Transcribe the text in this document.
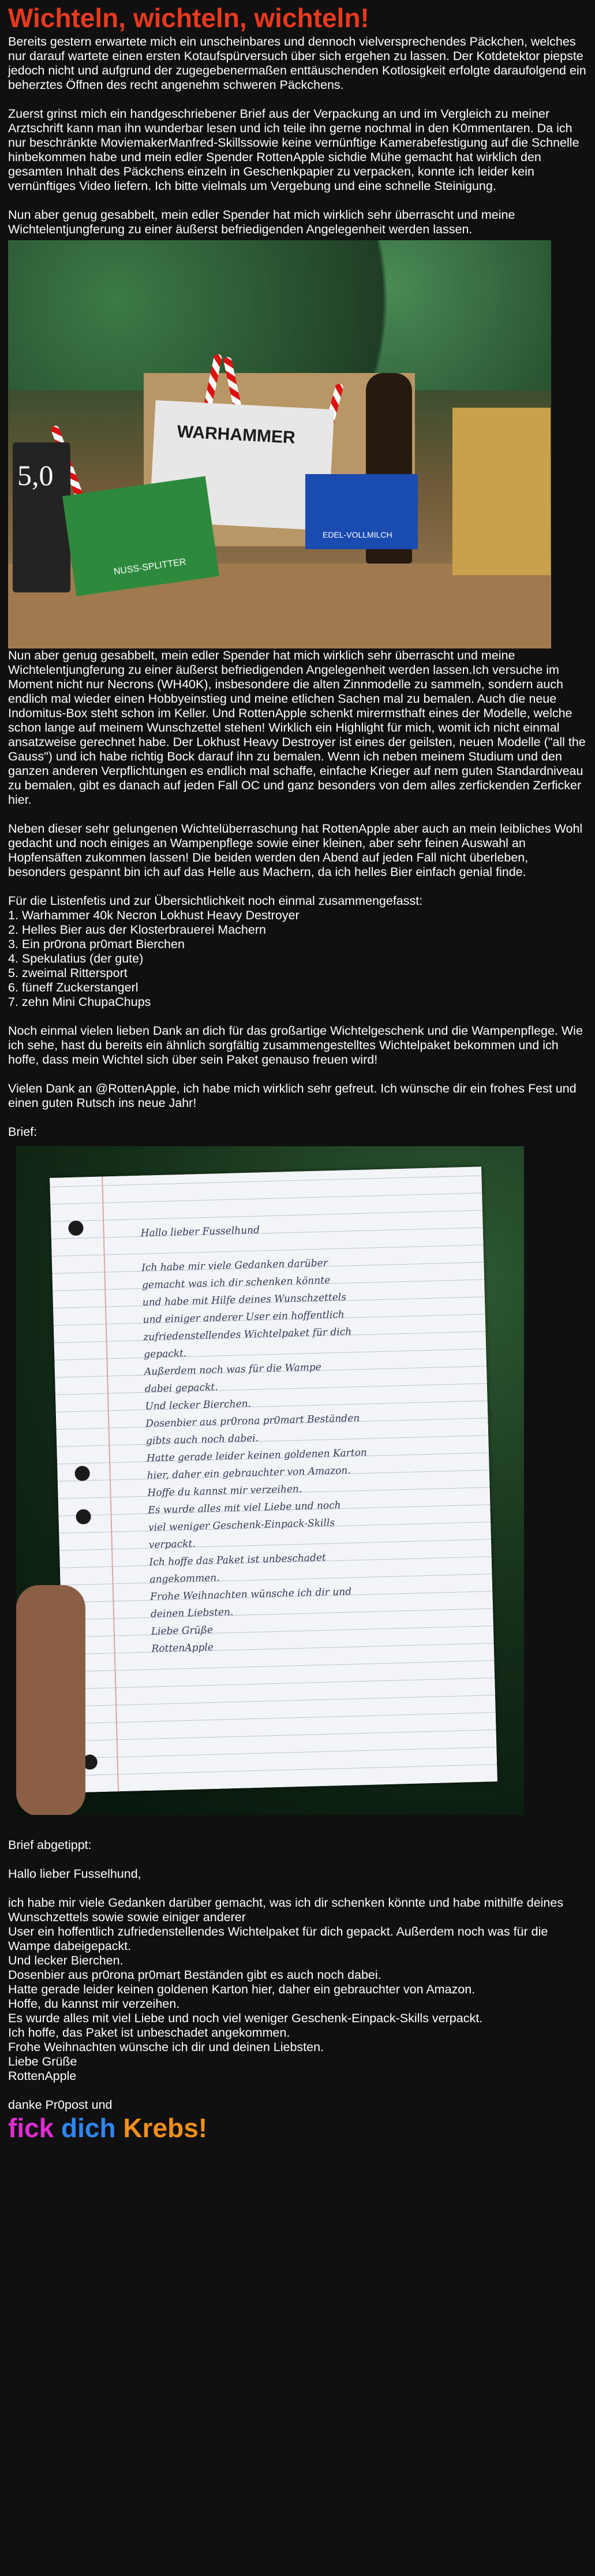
Wichteln, wichteln, wichteln!

Bereits gestern erwartete mich ein unscheinbares und dennoch vielversprechendes Päckchen, welches nur darauf wartete einen ersten Kotaufspürversuch über sich ergehen zu lassen. Der Kotdetektor piepste jedoch nicht und aufgrund der zugegebenermaßen enttäuschenden Kotlosigkeit erfolgte daraufolgend ein beherztes Öffnen des recht angenehm schweren Päckchens.

Zuerst grinst mich ein handgeschriebener Brief aus der Verpackung an und im Vergleich zu meiner Arztschrift kann man ihn wunderbar lesen und ich teile ihn gerne nochmal in den K0mmentaren. Da ich nur beschränkte MoviemakerManfred-Skillssowie keine vernünftige Kamerabefestigung auf die Schnelle hinbekommen habe und mein edler Spender RottenApple sichdie Mühe gemacht hat wirklich den gesamten Inhalt des Päckchens einzeln in Geschenkpapier zu verpacken, konnte ich leider kein vernünftiges Video liefern. Ich bitte vielmals um Vergebung und eine schnelle Steinigung.

Nun aber genug gesabbelt, mein edler Spender hat mich wirklich sehr überrascht und meine Wichtelentjungferung zu einer äußerst befriedigenden Angelegenheit werden lassen.

5,0
WARHAMMER
NUSS-SPLITTER
EDEL-VOLLMILCH

Nun aber genug gesabbelt, mein edler Spender hat mich wirklich sehr überrascht und meine Wichtelentjungferung zu einer äußerst befriedigenden Angelegenheit werden lassen.Ich versuche im Moment nicht nur Necrons (WH40K), insbesondere die alten Zinnmodelle zu sammeln, sondern auch endlich mal wieder einen Hobbyeinstieg und meine etlichen Sachen mal zu bemalen. Auch die neue Indomitus-Box steht schon im Keller. Und RottenApple schenkt mirermsthaft eines der Modelle, welche schon lange auf meinem Wunschzettel stehen! Wirklich ein Highlight für mich, womit ich nicht einmal ansatzweise gerechnet habe. Der Lokhust Heavy Destroyer ist eines der geilsten, neuen Modelle ("all the Gauss") und ich habe richtig Bock darauf ihn zu bemalen. Wenn ich neben meinem Studium und den ganzen anderen Verpflichtungen es endlich mal schaffe, einfache Krieger auf nem guten Standardniveau zu bemalen, gibt es danach auf jeden Fall OC und ganz besonders von dem alles zerfickenden Zerficker hier.

Neben dieser sehr gelungenen Wichtelüberraschung hat RottenApple aber auch an mein leibliches Wohl gedacht und noch einiges an Wampenpflege sowie einer kleinen, aber sehr feinen Auswahl an Hopfensäften zukommen lassen! Die beiden werden den Abend auf jeden Fall nicht überleben, besonders gespannt bin ich auf das Helle aus Machern, da ich helles Bier einfach genial finde.

Für die Listenfetis und zur Übersichtlichkeit noch einmal zusammengefasst:
1. Warhammer 40k Necron Lokhust Heavy Destroyer
2. Helles Bier aus der Klosterbrauerei Machern
3. Ein pr0rona pr0mart Bierchen
4. Spekulatius (der gute)
5. zweimal Rittersport
6. füneff Zuckerstangerl
7. zehn Mini ChupaChups

Noch einmal vielen lieben Dank an dich für das großartige Wichtelgeschenk und die Wampenpflege. Wie ich sehe, hast du bereits ein ähnlich sorgfältig zusammengestelltes Wichtelpaket bekommen und ich hoffe, dass mein Wichtel sich über sein Paket genauso freuen wird!

Vielen Dank an @RottenApple, ich habe mich wirklich sehr gefreut. Ich wünsche dir ein frohes Fest und einen guten Rutsch ins neue Jahr!

Brief:

Hallo lieber Fusselhund

Ich habe mir viele Gedanken darüber
gemacht was ich dir schenken könnte
und habe mit Hilfe deines Wunschzettels
und einiger anderer User ein hoffentlich
zufriedenstellendes Wichtelpaket für dich
gepackt.
Außerdem noch was für die Wampe
dabei gepackt.
Und lecker Bierchen.
Dosenbier aus pr0rona pr0mart Beständen
gibts auch noch dabei.
Hatte gerade leider keinen goldenen Karton
hier, daher ein gebrauchter von Amazon.
Hoffe du kannst mir verzeihen.
Es wurde alles mit viel Liebe und noch
viel weniger Geschenk-Einpack-Skills
verpackt.
Ich hoffe das Paket ist unbeschadet
angekommen.
Frohe Weihnachten wünsche ich dir und
deinen Liebsten.
Liebe Grüße
RottenApple

Brief abgetippt:

Hallo lieber Fusselhund,

ich habe mir viele Gedanken darüber gemacht, was ich dir schenken könnte und habe mithilfe deines Wunschzettels sowie sowie einiger anderer
User ein hoffentlich zufriedenstellendes Wichtelpaket für dich gepackt. Außerdem noch was für die Wampe dabeigepackt.
Und lecker Bierchen.
Dosenbier aus pr0rona pr0mart Beständen gibt es auch noch dabei.
Hatte gerade leider keinen goldenen Karton hier, daher ein gebrauchter von Amazon.
Hoffe, du kannst mir verzeihen.
Es wurde alles mit viel Liebe und noch viel weniger Geschenk-Einpack-Skills verpackt.
Ich hoffe, das Paket ist unbeschadet angekommen.
Frohe Weihnachten wünsche ich dir und deinen Liebsten.
Liebe Grüße
RottenApple
danke Pr0post und
fick dich Krebs!
